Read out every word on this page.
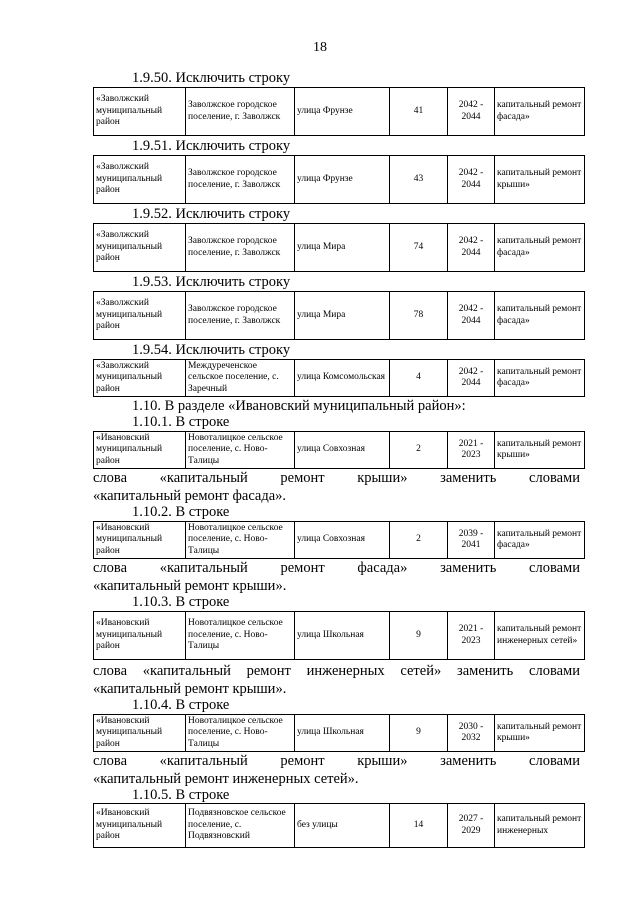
18
1.9.50. Исключить строку
«Заволжский муниципальный район	Заволжское городское поселение, г. Заволжск	улица Фрунзе	41	2042 - 2044	капитальный ремонт фасада»
1.9.51. Исключить строку
«Заволжский муниципальный район	Заволжское городское поселение, г. Заволжск	улица Фрунзе	43	2042 - 2044	капитальный ремонт крыши»
1.9.52. Исключить строку
«Заволжский муниципальный район	Заволжское городское поселение, г. Заволжск	улица Мира	74	2042 - 2044	капитальный ремонт фасада»
1.9.53. Исключить строку
«Заволжский муниципальный район	Заволжское городское поселение, г. Заволжск	улица Мира	78	2042 - 2044	капитальный ремонт фасада»
1.9.54. Исключить строку
«Заволжский муниципальный район	Междуреченское сельское поселение, с. Заречный	улица Комсомольская	4	2042 - 2044	капитальный ремонт фасада»
1.10. В разделе «Ивановский муниципальный район»:
1.10.1. В строке
«Ивановский муниципальный район	Новоталицкое сельское поселение, с. Ново-Талицы	улица Совхозная	2	2021 - 2023	капитальный ремонт крыши»
слова «капитальный ремонт крыши» заменить словами
«капитальный ремонт фасада».
1.10.2. В строке
«Ивановский муниципальный район	Новоталицкое сельское поселение, с. Ново-Талицы	улица Совхозная	2	2039 - 2041	капитальный ремонт фасада»
слова «капитальный ремонт фасада» заменить словами
«капитальный ремонт крыши».
1.10.3. В строке
«Ивановский муниципальный район	Новоталицкое сельское поселение, с. Ново-Талицы	улица Школьная	9	2021 - 2023	капитальный ремонт инженерных сетей»
слова «капитальный ремонт инженерных сетей» заменить словами
«капитальный ремонт крыши».
1.10.4. В строке
«Ивановский муниципальный район	Новоталицкое сельское поселение, с. Ново-Талицы	улица Школьная	9	2030 - 2032	капитальный ремонт крыши»
слова «капитальный ремонт крыши» заменить словами
«капитальный ремонт инженерных сетей».
1.10.5. В строке
«Ивановский муниципальный район	Подвязновское сельское поселение, с. Подвязновский	без улицы	14	2027 - 2029	капитальный ремонт инженерных
